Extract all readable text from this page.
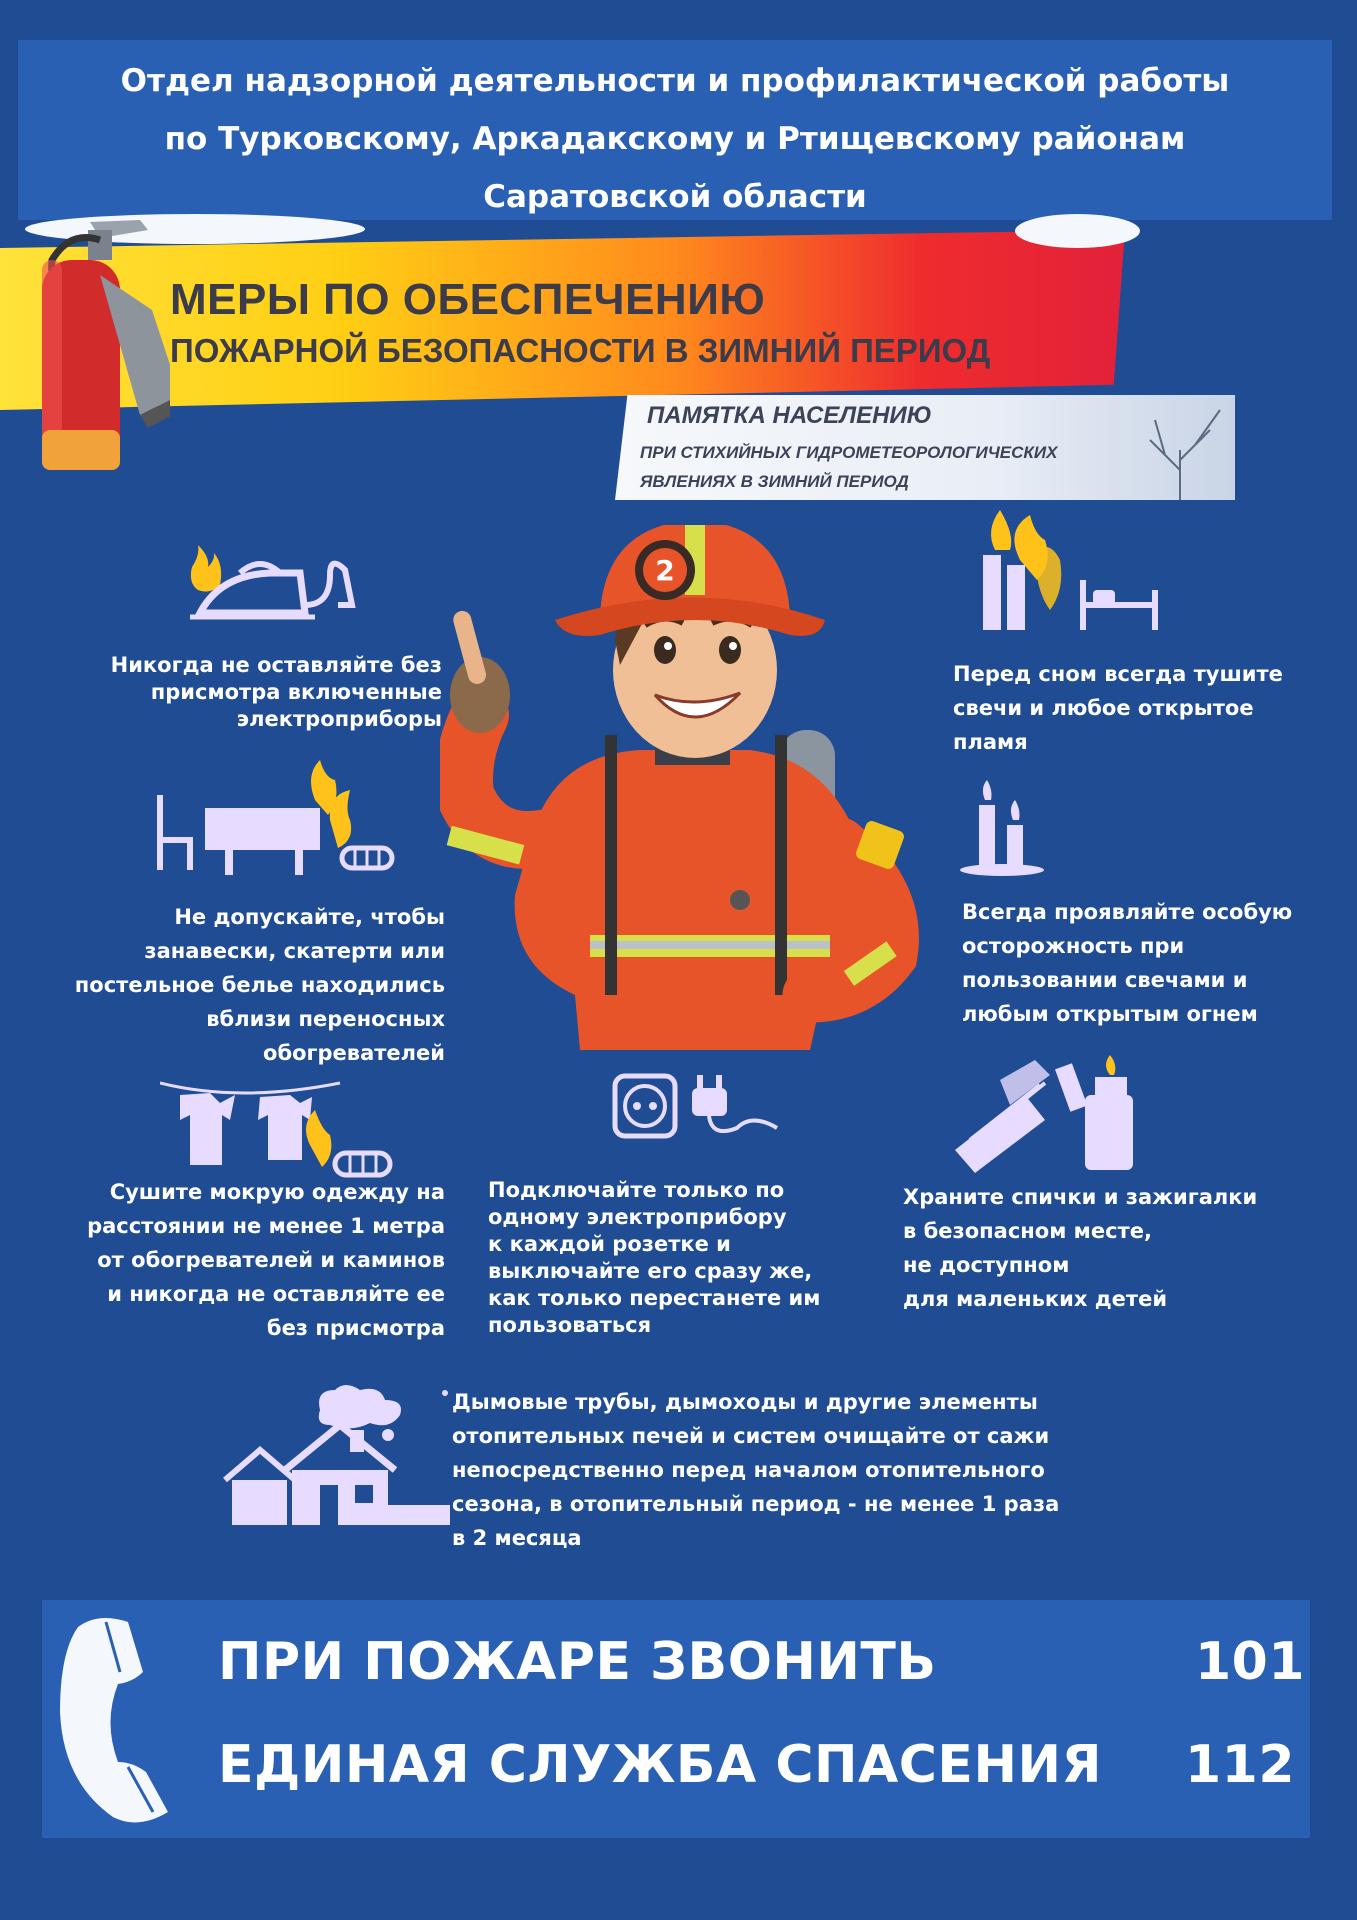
Отдел надзорной деятельности и профилактической работы
по Турковскому, Аркадакскому и Ртищевскому районам
Саратовской области
МЕРЫ ПО ОБЕСПЕЧЕНИЮ
ПОЖАРНОЙ БЕЗОПАСНОСТИ В ЗИМНИЙ ПЕРИОД
ПАМЯТКА НАСЕЛЕНИЮ
ПРИ СТИХИЙНЫХ ГИДРОМЕТЕОРОЛОГИЧЕСКИХ
ЯВЛЕНИЯХ В ЗИМНИЙ ПЕРИОД
2
Никогда не оставляйте без
присмотра включенные
электроприборы
Перед сном всегда тушите
свечи и любое открытое
пламя
Не допускайте, чтобы
занавески, скатерти или
постельное белье находились
вблизи переносных
обогревателей
Всегда проявляйте особую
осторожность при
пользовании свечами и
любым открытым огнем
Сушите мокрую одежду на
расстоянии не менее 1 метра
от обогревателей и каминов
и никогда не оставляйте ее
без присмотра
Подключайте только по
одному электроприбору
к каждой розетке и
выключайте его сразу же,
как только перестанете им
пользоваться
Храните спички и зажигалки
в безопасном месте,
не доступном
для маленьких детей
Дымовые трубы, дымоходы и другие элементы
отопительных печей и систем очищайте от сажи
непосредственно перед началом отопительного
сезона, в отопительный период - не менее 1 раза
в 2 месяца
ПРИ ПОЖАРЕ ЗВОНИТЬ	101
ЕДИНАЯ СЛУЖБА СПАСЕНИЯ 112
